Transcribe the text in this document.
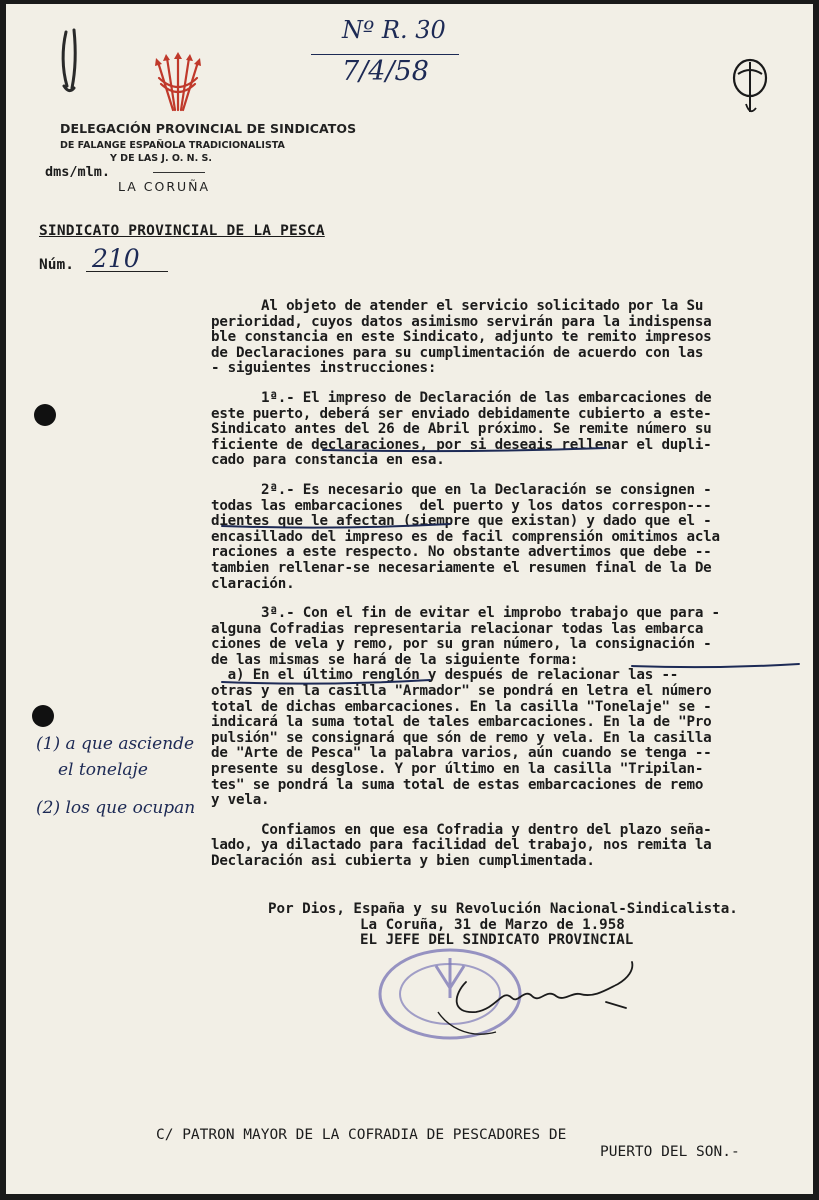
Nº R. 30
7/4/58
DELEGACIÓN PROVINCIAL DE SINDICATOS
DE FALANGE ESPAÑOLA TRADICIONALISTA
Y DE LAS J. O. N. S.
LA CORUÑA
dms/mlm.
SINDICATO PROVINCIAL DE LA PESCA
Núm. 210
Al objeto de atender el servicio solicitado por la Su
perioridad, cuyos datos asimismo servirán para la indispensa
ble constancia en este Sindicato, adjunto te remito impresos
de Declaraciones para su cumplimentación de acuerdo con las
- siguientes instrucciones:
1ª.- El impreso de Declaración de las embarcaciones de
este puerto, deberá ser enviado debidamente cubierto a este-
Sindicato antes del 26 de Abril próximo. Se remite número su
ficiente de declaraciones, por si deseais rellenar el dupli-
cado para constancia en esa.
2ª.- Es necesario que en la Declaración se consignen -
todas las embarcaciones  del puerto y los datos correspon---
dientes que le afectan (siempre que existan) y dado que el -
encasillado del impreso es de facil comprensión omitimos acla
raciones a este respecto. No obstante advertimos que debe --
tambien rellenar-se necesariamente el resumen final de la De
claración.
3ª.- Con el fin de evitar el improbo trabajo que para -
alguna Cofradias representaria relacionar todas las embarca
ciones de vela y remo, por su gran número, la consignación -
de las mismas se hará de la siguiente forma:
a) En el último renglón y después de relacionar las --
otras y en la casilla "Armador" se pondrá en letra el número
total de dichas embarcaciones. En la casilla "Tonelaje" se -
indicará la suma total de tales embarcaciones. En la de "Pro
pulsión" se consignará que són de remo y vela. En la casilla
de "Arte de Pesca" la palabra varios, aún cuando se tenga --
presente su desglose. Y por último en la casilla "Tripilan-
tes" se pondrá la suma total de estas embarcaciones de remo
y vela.
Confiamos en que esa Cofradia y dentro del plazo seña-
lado, ya dilactado para facilidad del trabajo, nos remita la
Declaración asi cubierta y bien cumplimentada.
(1) a que asciende
el tonelaje
(2) los que ocupan
Por Dios, España y su Revolución Nacional-Sindicalista.
La Coruña, 31 de Marzo de 1.958
EL JEFE DEL SINDICATO PROVINCIAL
C/ PATRON MAYOR DE LA COFRADIA DE PESCADORES DE
PUERTO DEL SON.-
